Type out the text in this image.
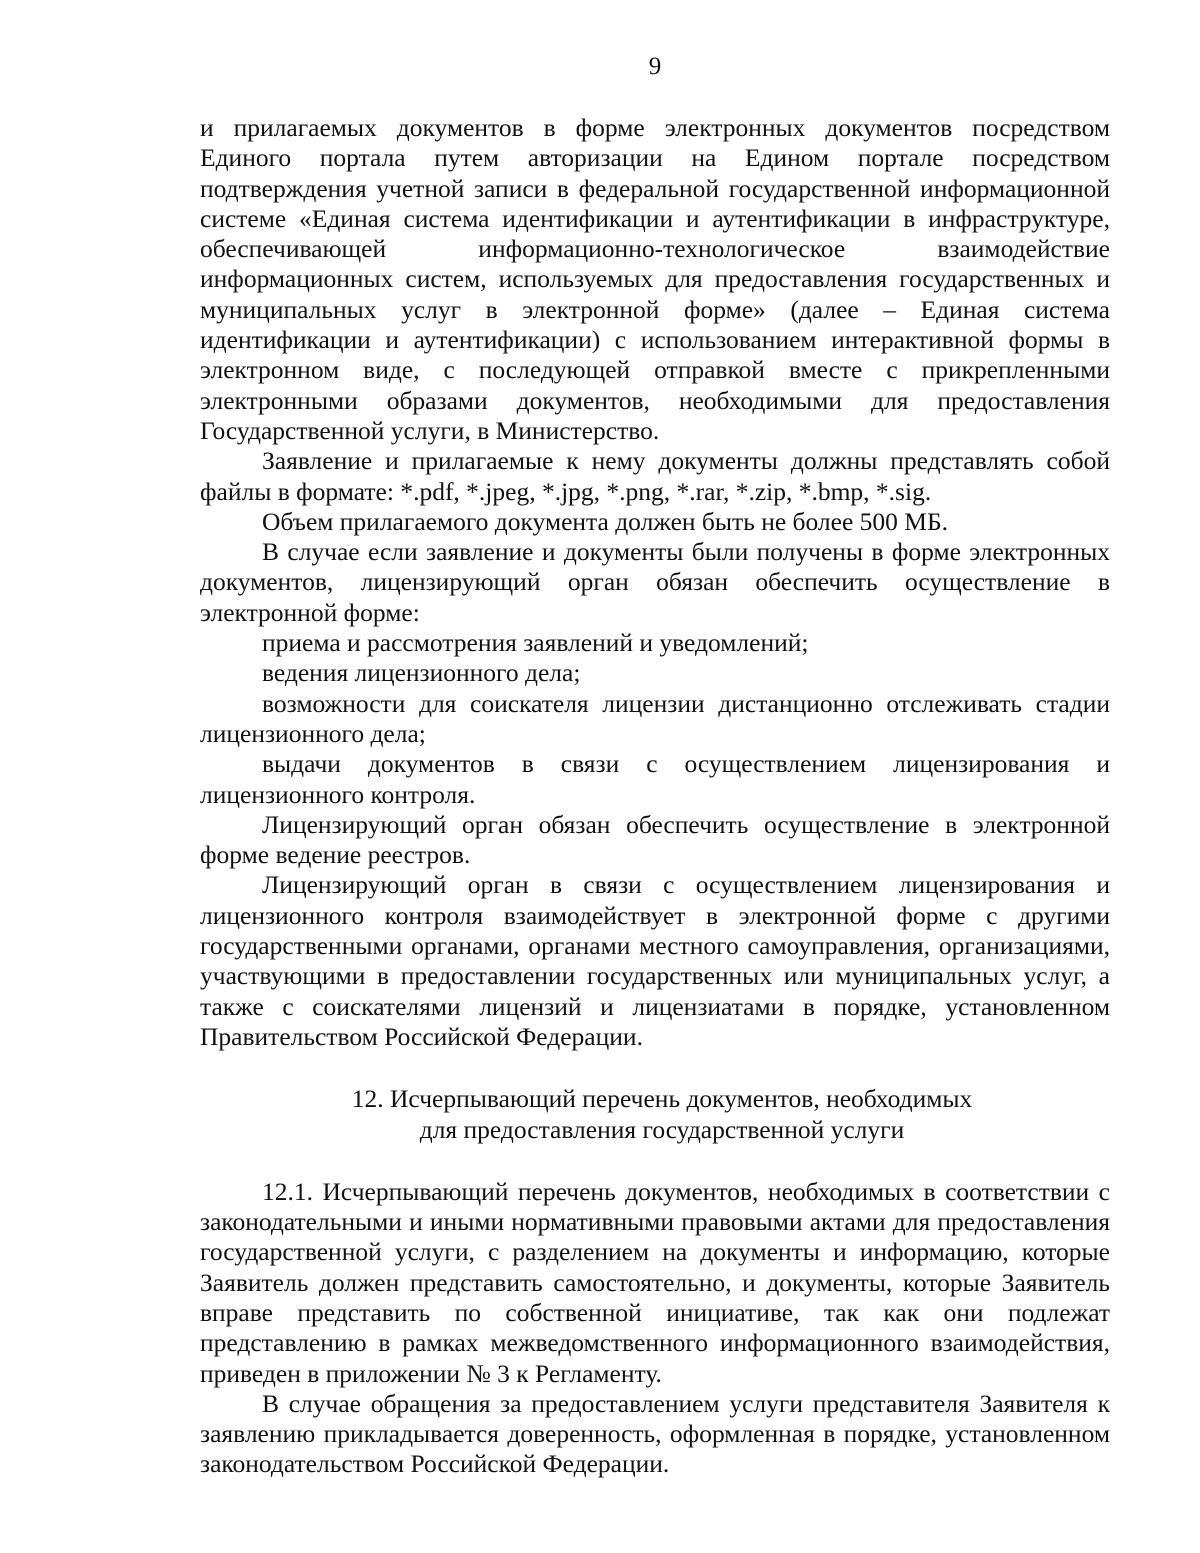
9

и прилагаемых документов в форме электронных документов посредством Единого портала путем авторизации на Едином портале посредством подтверждения учетной записи в федеральной государственной информационной системе «Единая система идентификации и аутентификации в инфраструктуре, обеспечивающей информационно-технологическое взаимодействие информационных систем, используемых для предоставления государственных и муниципальных услуг в электронной форме» (далее – Единая система идентификации и аутентификации) с использованием интерактивной формы в электронном виде, с последующей отправкой вместе с прикрепленными электронными образами документов, необходимыми для предоставления Государственной услуги, в Министерство.

Заявление и прилагаемые к нему документы должны представлять собой файлы в формате: *.pdf, *.jpeg, *.jpg, *.png, *.rar, *.zip, *.bmp, *.sig.

Объем прилагаемого документа должен быть не более 500 МБ.

В случае если заявление и документы были получены в форме электронных документов, лицензирующий орган обязан обеспечить осуществление в электронной форме:

приема и рассмотрения заявлений и уведомлений;

ведения лицензионного дела;

возможности для соискателя лицензии дистанционно отслеживать стадии лицензионного дела;

выдачи документов в связи с осуществлением лицензирования и лицензионного контроля.

Лицензирующий орган обязан обеспечить осуществление в электронной форме ведение реестров.

Лицензирующий орган в связи с осуществлением лицензирования и лицензионного контроля взаимодействует в электронной форме с другими государственными органами, органами местного самоуправления, организациями, участвующими в предоставлении государственных или муниципальных услуг, а также с соискателями лицензий и лицензиатами в порядке, установленном Правительством Российской Федерации.

12. Исчерпывающий перечень документов, необходимых

для предоставления государственной услуги

12.1. Исчерпывающий перечень документов, необходимых в соответствии с законодательными и иными нормативными правовыми актами для предоставления государственной услуги, с разделением на документы и информацию, которые Заявитель должен представить самостоятельно, и документы, которые Заявитель вправе представить по собственной инициативе, так как они подлежат представлению в рамках межведомственного информационного взаимодействия, приведен в приложении № 3 к Регламенту.

В случае обращения за предоставлением услуги представителя Заявителя к заявлению прикладывается доверенность, оформленная в порядке, установленном законодательством Российской Федерации.
